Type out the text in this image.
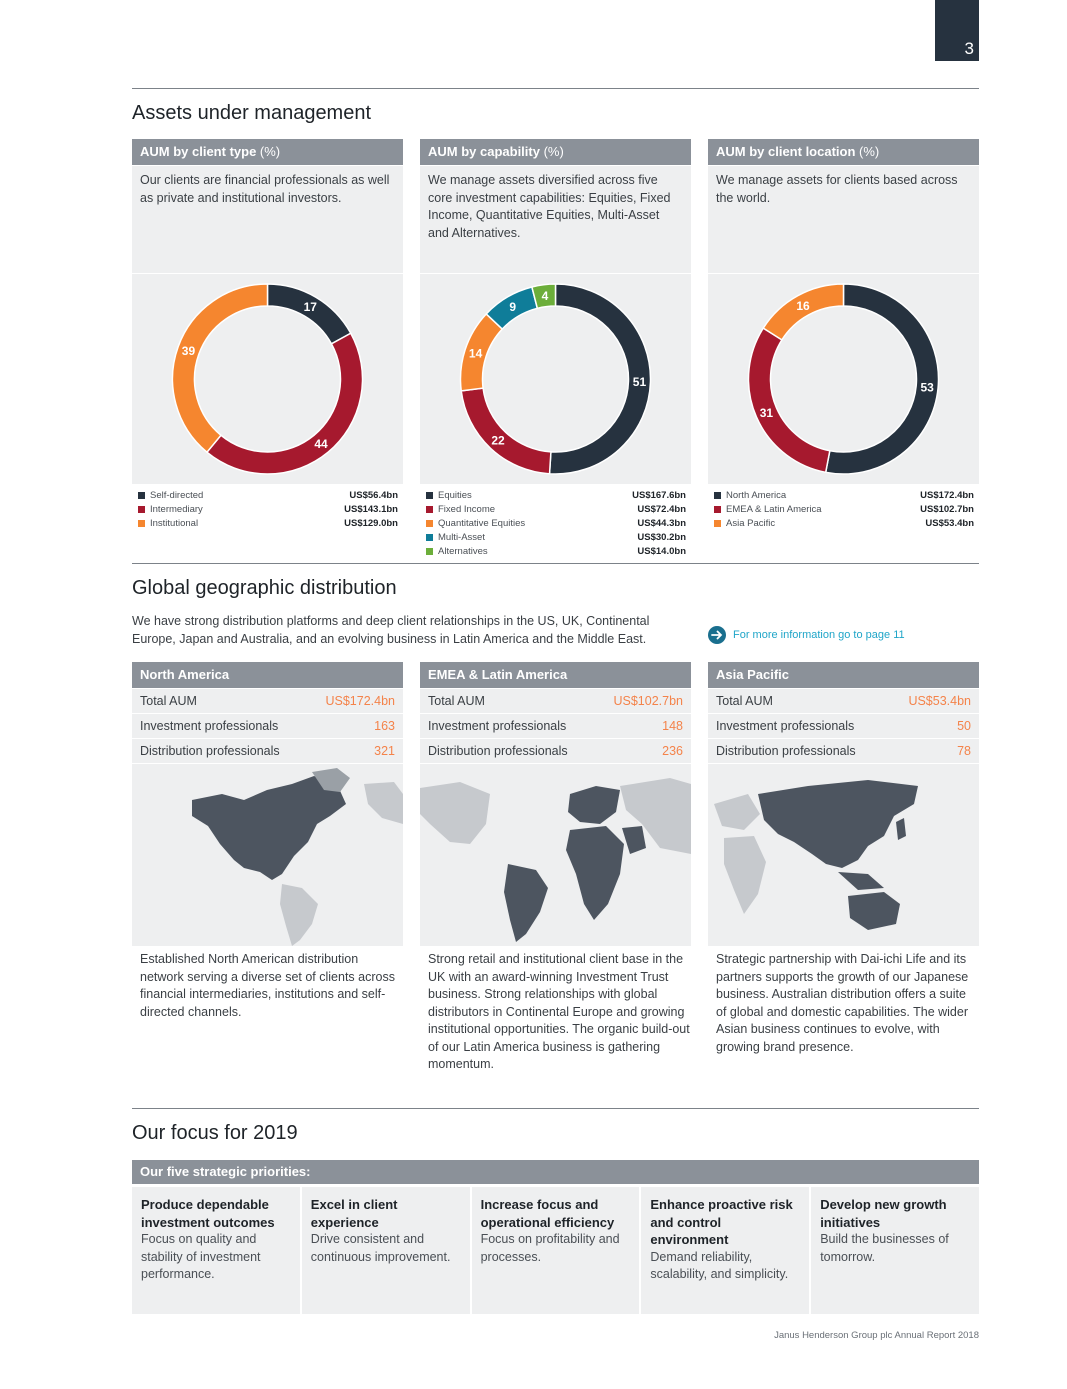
3
Assets under management
AUM by client type (%)
Our clients are financial professionals as well as private and institutional investors.
17
44
39
Self-directed	US$56.4bn
Intermediary	US$143.1bn
Institutional	US$129.0bn
AUM by capability (%)
We manage assets diversified across five core investment capabilities: Equities, Fixed Income, Quantitative Equities, Multi-Asset and Alternatives.
51
22
14
9
4
Equities	US$167.6bn
Fixed Income	US$72.4bn
Quantitative Equities	US$44.3bn
Multi-Asset	US$30.2bn
Alternatives	US$14.0bn
AUM by client location (%)
We manage assets for clients based across the world.
53
31
16
North America	US$172.4bn
EMEA & Latin America	US$102.7bn
Asia Pacific	US$53.4bn
Global geographic distribution
We have strong distribution platforms and deep client relationships in the US, UK, Continental Europe, Japan and Australia, and an evolving business in Latin America and the Middle East.	For more information go to page 11
North America
Total AUM	US$172.4bn
Investment professionals	163
Distribution professionals	321
Established North American distribution network serving a diverse set of clients across financial intermediaries, institutions and self-directed channels.
EMEA & Latin America
Total AUM	US$102.7bn
Investment professionals	148
Distribution professionals	236
Strong retail and institutional client base in the UK with an award-winning Investment Trust business. Strong relationships with global distributors in Continental Europe and growing institutional opportunities. The organic build-out of our Latin America business is gathering momentum.
Asia Pacific
Total AUM	US$53.4bn
Investment professionals	50
Distribution professionals	78
Strategic partnership with Dai-ichi Life and its partners supports the growth of our Japanese business. Australian distribution offers a suite of global and domestic capabilities. The wider Asian business continues to evolve, with growing brand presence.
Our focus for 2019
Our five strategic priorities:
Produce dependable investment outcomes
Focus on quality and stability of investment performance.
Excel in client experience
Drive consistent and continuous improvement.
Increase focus and operational efficiency
Focus on profitability and processes.
Enhance proactive risk and control environment
Demand reliability, scalability, and simplicity.
Develop new growth initiatives
Build the businesses of tomorrow.
Janus Henderson Group plc Annual Report 2018
